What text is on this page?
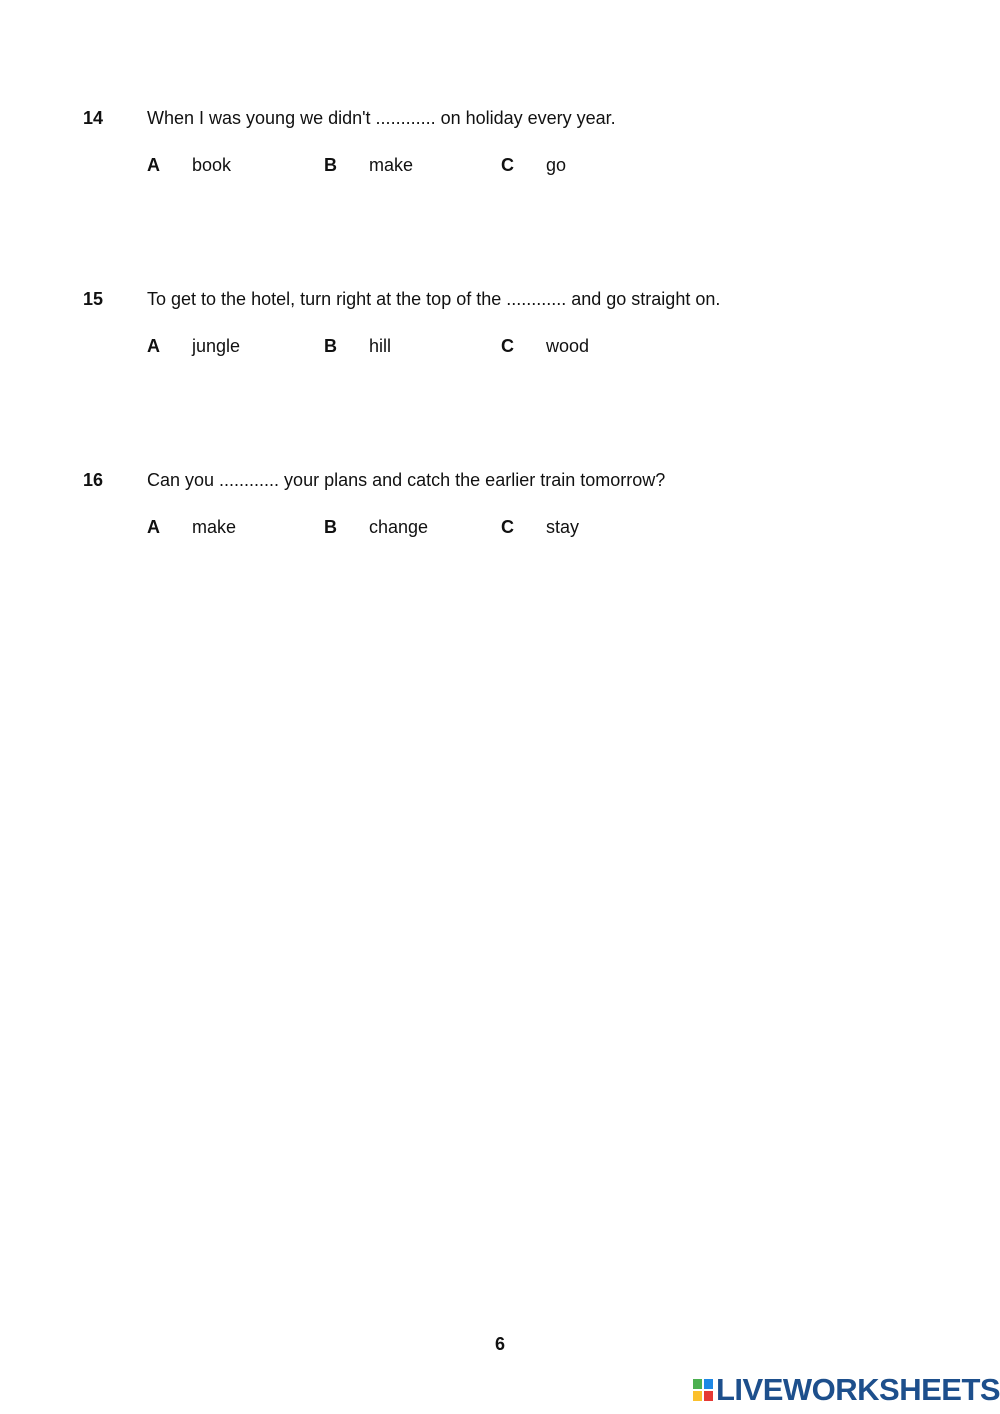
14 When I was young we didn't ............ on holiday every year.
A book	B make	C go
15 To get to the hotel, turn right at the top of the ............ and go straight on.
A jungle	B hill	C wood
16 Can you ............ your plans and catch the earlier train tomorrow?
A make	B change	C stay
6
LIVEWORKSHEETS
